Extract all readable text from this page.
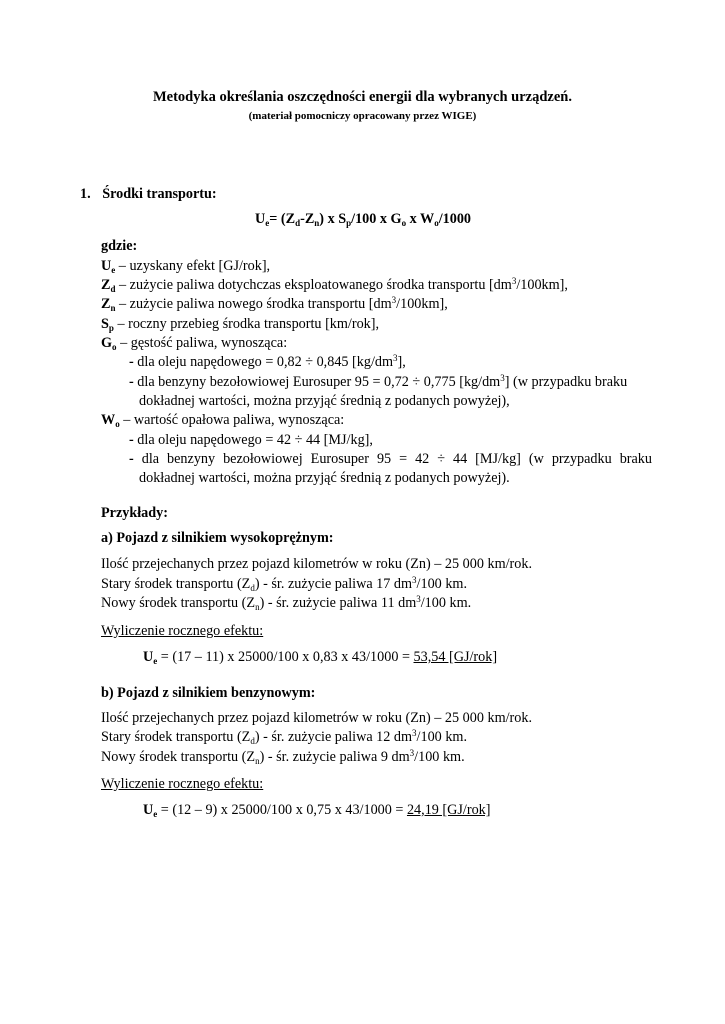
Metodyka określania oszczędności energii dla wybranych urządzeń.
(materiał pomocniczy opracowany przez WIGE)
1. Środki transportu:
$U_e= (Z_d-Z_n)$ x $S_p/100$ x $G_o$ x $W_o/1000$
gdzie:
$U_e$ – uzyskany efekt [GJ/rok],
$Z_d$ – zużycie paliwa dotychczas eksploatowanego środka transportu $[dm^3/100km]$,
$Z_n$ – zużycie paliwa nowego środka transportu $[dm^3/100km]$,
$S_p$ – roczny przebieg środka transportu [km/rok],
$G_o$ – gęstość paliwa, wynosząca:
- dla oleju napędowego = 0,82 ÷ 0,845 $[kg/dm^3]$,
- dla benzyny bezołowiowej Eurosuper 95 = 0,72 ÷ 0,775 $[kg/dm^3]$ (w przypadku braku
dokładnej wartości, można przyjąć średnią z podanych powyżej),
$W_o$ – wartość opałowa paliwa, wynosząca:
- dla oleju napędowego = 42 ÷ 44 [MJ/kg],
- dla benzyny bezołowiowej Eurosuper 95 = 42 ÷ 44 [MJ/kg] (w przypadku braku
dokładnej wartości, można przyjąć średnią z podanych powyżej).
Przykłady:
a) Pojazd z silnikiem wysokoprężnym:
Ilość przejechanych przez pojazd kilometrów w roku (Zn) – 25 000 km/rok.
Stary środek transportu $(Z_d)$ - śr. zużycie paliwa 17 $dm^3/100$ km.
Nowy środek transportu $(Z_n)$ - śr. zużycie paliwa 11 $dm^3/100$ km.
Wyliczenie rocznego efektu:
$U_e = (17 - 11)$ x 25000/100 x 0,83 x 43/1000 = 53,54 [GJ/rok]
b) Pojazd z silnikiem benzynowym:
Ilość przejechanych przez pojazd kilometrów w roku (Zn) – 25 000 km/rok.
Stary środek transportu $(Z_d)$ - śr. zużycie paliwa 12 $dm^3/100$ km.
Nowy środek transportu $(Z_n)$ - śr. zużycie paliwa 9 $dm^3/100$ km.
Wyliczenie rocznego efektu:
$U_e = (12 - 9)$ x 25000/100 x 0,75 x 43/1000 = 24,19 [GJ/rok]
